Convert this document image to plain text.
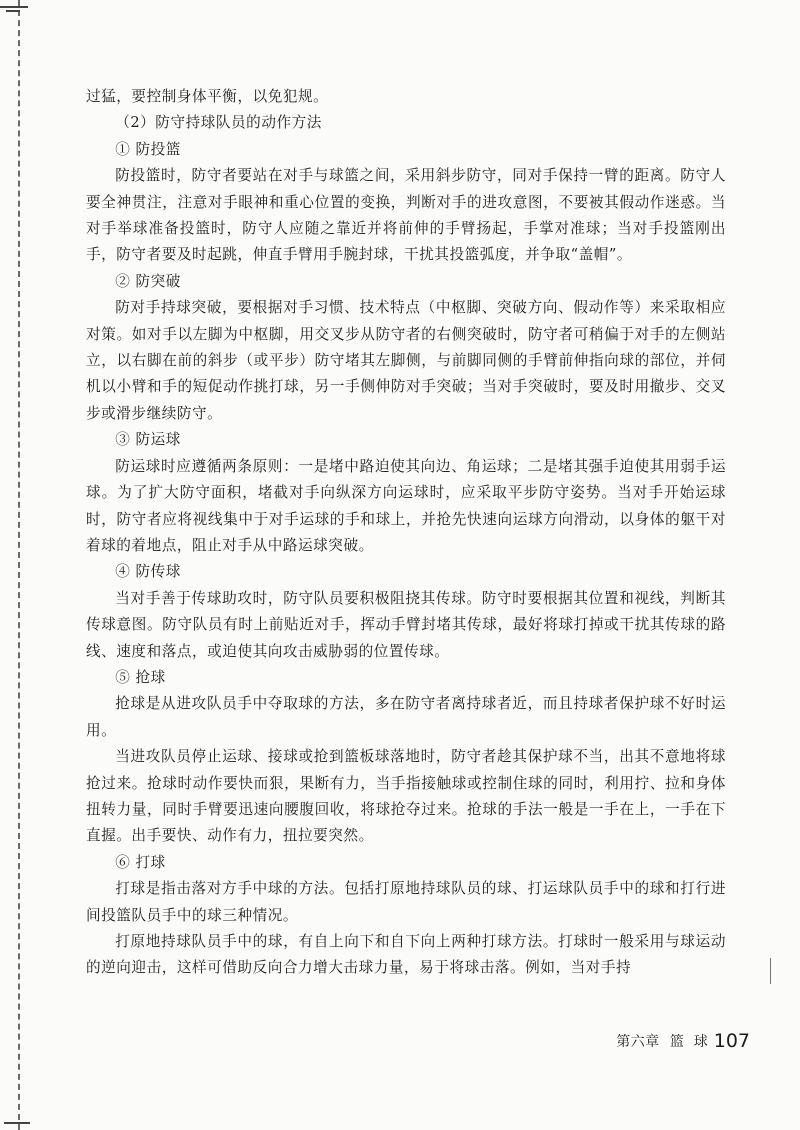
过猛，要控制身体平衡，以免犯规。

（2）防守持球队员的动作方法

① 防投篮

防投篮时，防守者要站在对手与球篮之间，采用斜步防守，同对手保持一臂的距离。防守人要全神贯注，注意对手眼神和重心位置的变换，判断对手的进攻意图，不要被其假动作迷惑。当对手举球准备投篮时，防守人应随之靠近并将前伸的手臂扬起，手掌对准球；当对手投篮刚出手，防守者要及时起跳，伸直手臂用手腕封球，干扰其投篮弧度，并争取“盖帽”。

② 防突破

防对手持球突破，要根据对手习惯、技术特点（中枢脚、突破方向、假动作等）来采取相应对策。如对手以左脚为中枢脚，用交叉步从防守者的右侧突破时，防守者可稍偏于对手的左侧站立，以右脚在前的斜步（或平步）防守堵其左脚侧，与前脚同侧的手臂前伸指向球的部位，并伺机以小臂和手的短促动作挑打球，另一手侧伸防对手突破；当对手突破时，要及时用撤步、交叉步或滑步继续防守。

③ 防运球

防运球时应遵循两条原则：一是堵中路迫使其向边、角运球；二是堵其强手迫使其用弱手运球。为了扩大防守面积，堵截对手向纵深方向运球时，应采取平步防守姿势。当对手开始运球时，防守者应将视线集中于对手运球的手和球上，并抢先快速向运球方向滑动，以身体的躯干对着球的着地点，阻止对手从中路运球突破。

④ 防传球

当对手善于传球助攻时，防守队员要积极阻挠其传球。防守时要根据其位置和视线，判断其传球意图。防守队员有时上前贴近对手，挥动手臂封堵其传球，最好将球打掉或干扰其传球的路线、速度和落点，或迫使其向攻击威胁弱的位置传球。

⑤ 抢球

抢球是从进攻队员手中夺取球的方法，多在防守者离持球者近，而且持球者保护球不好时运用。

当进攻队员停止运球、接球或抢到篮板球落地时，防守者趁其保护球不当，出其不意地将球抢过来。抢球时动作要快而狠，果断有力，当手指接触球或控制住球的同时，利用拧、拉和身体扭转力量，同时手臂要迅速向腰腹回收，将球抢夺过来。抢球的手法一般是一手在上，一手在下直握。出手要快、动作有力，扭拉要突然。

⑥ 打球

打球是指击落对方手中球的方法。包括打原地持球队员的球、打运球队员手中的球和打行进间投篮队员手中的球三种情况。

打原地持球队员手中的球，有自上向下和自下向上两种打球方法。打球时一般采用与球运动的逆向迎击，这样可借助反向合力增大击球力量，易于将球击落。例如，当对手持

第六章 篮 球 107
